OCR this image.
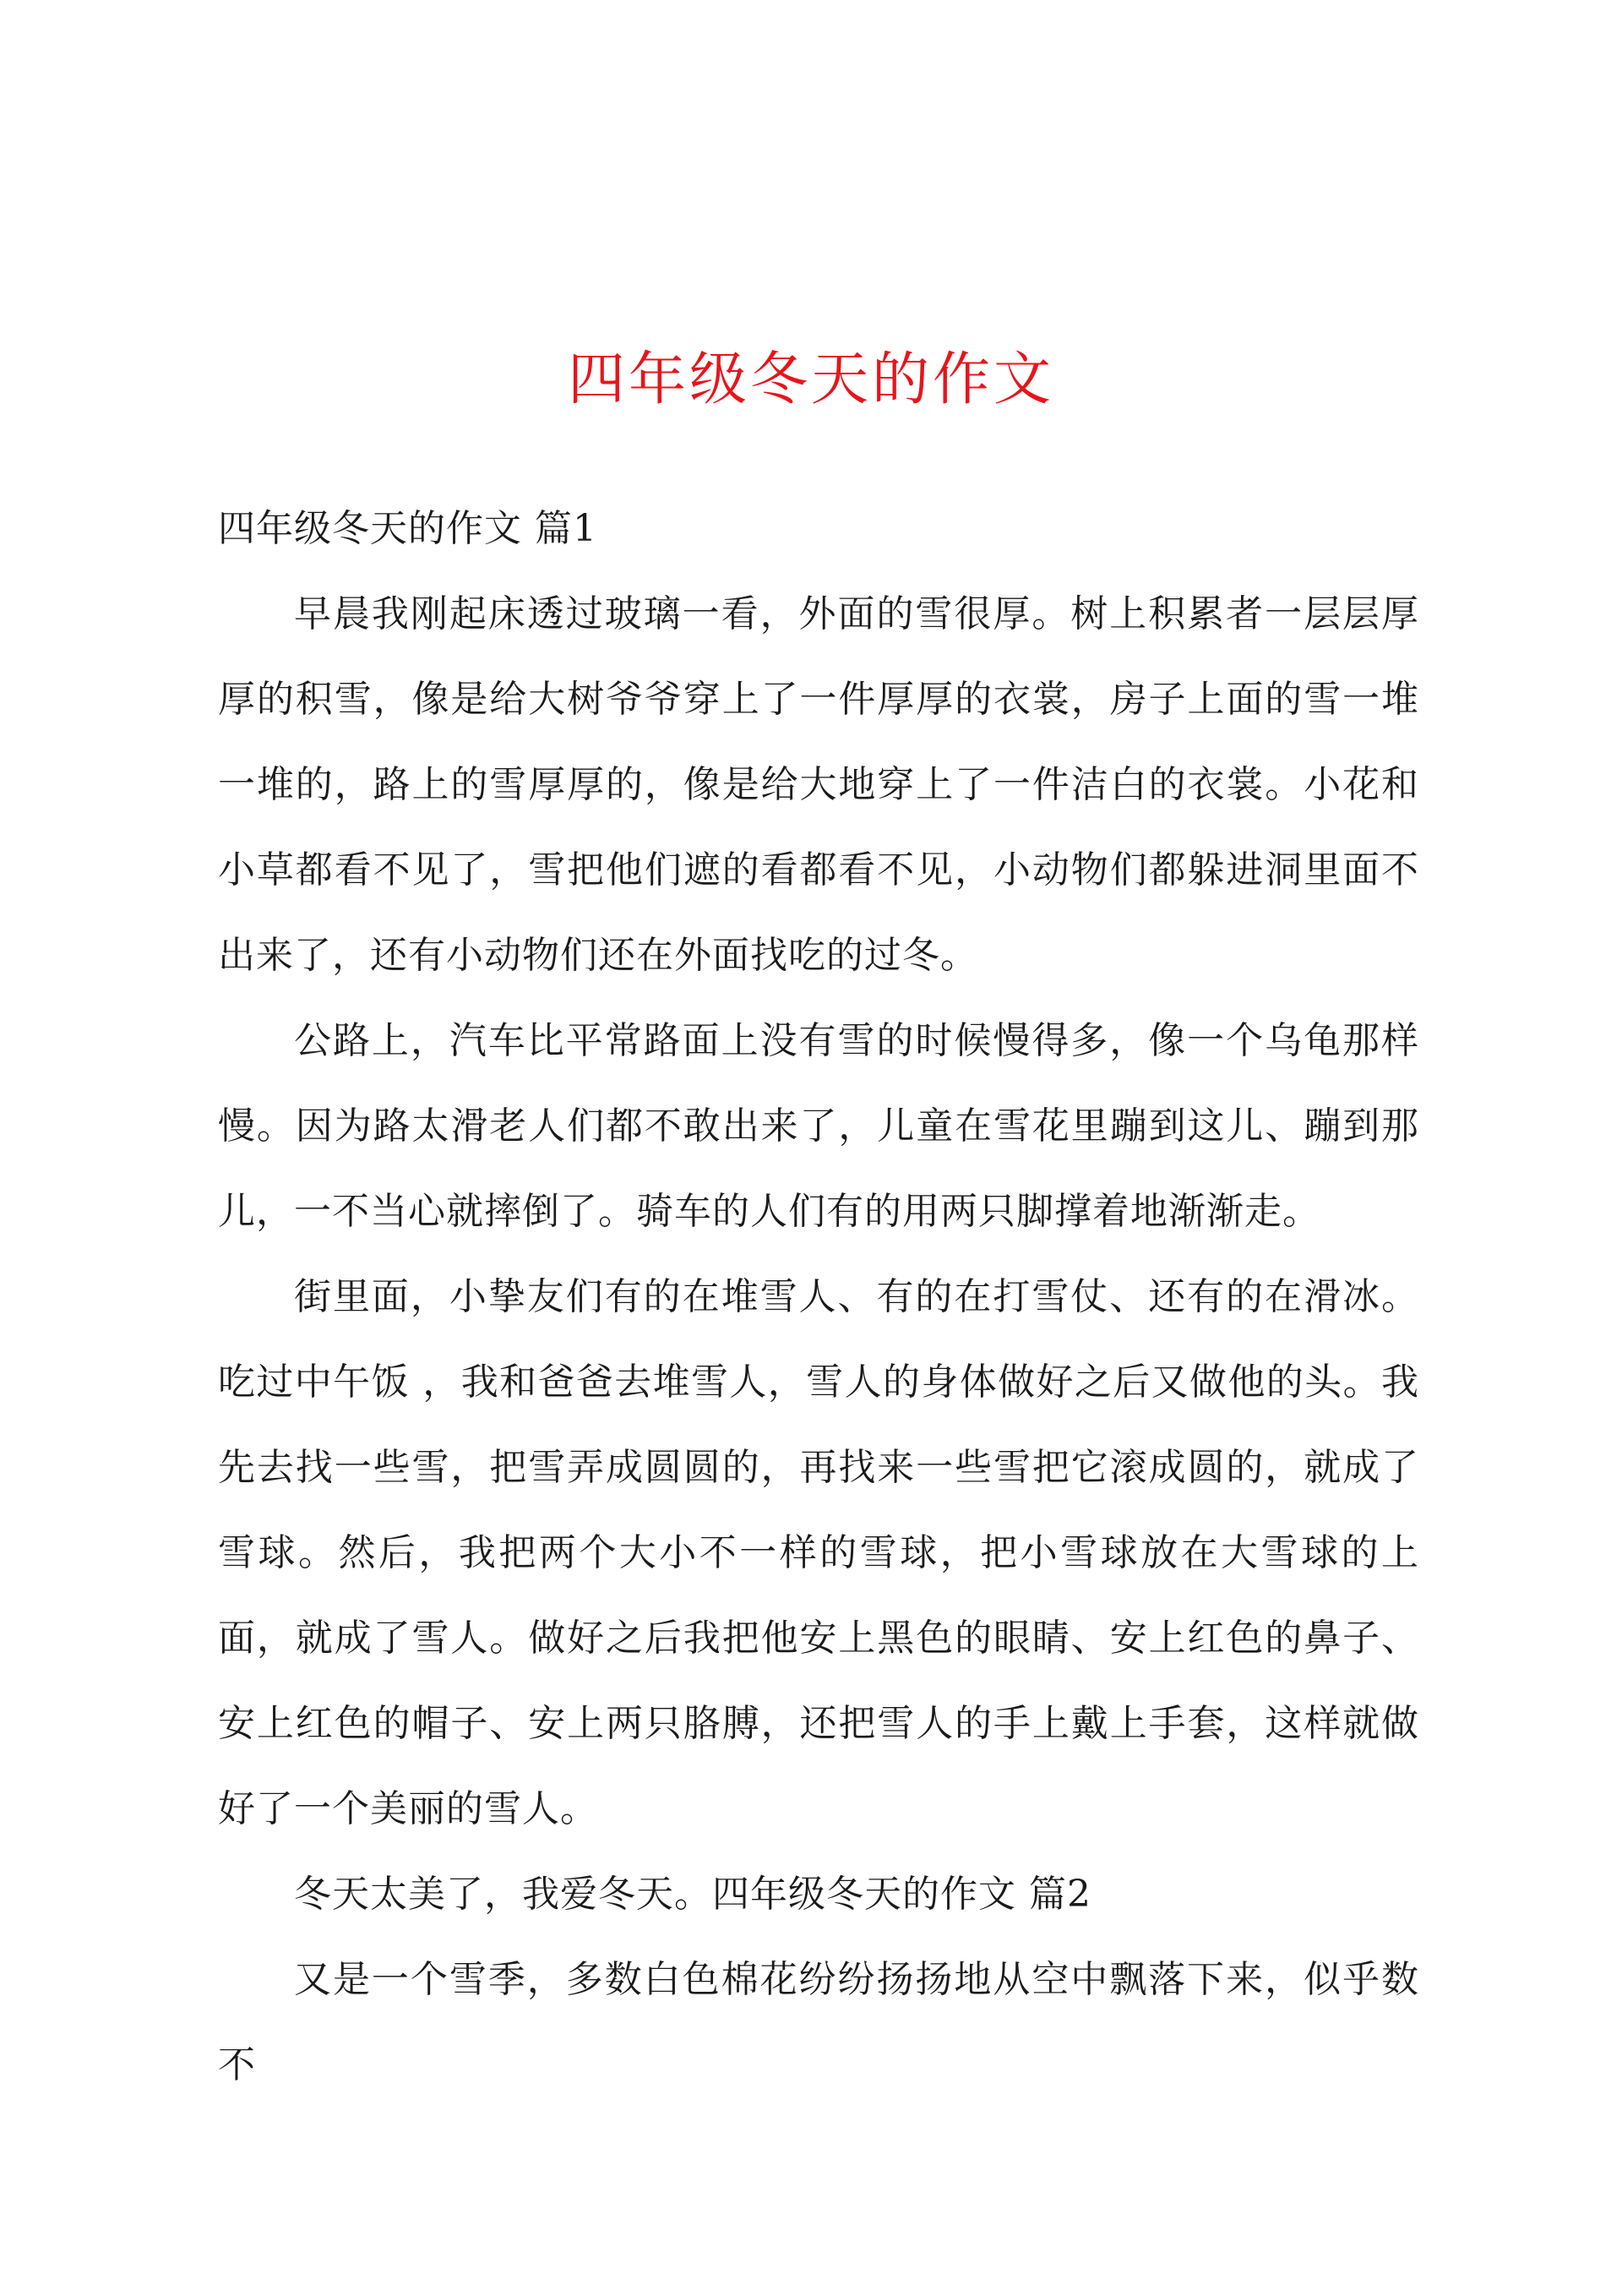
四年级冬天的作文

四年级冬天的作文 篇1

早晨我刚起床透过玻璃一看，外面的雪很厚。树上积累者一层层厚厚的积雪，像是给大树爷爷穿上了一件厚厚的衣裳，房子上面的雪一堆一堆的，路上的雪厚厚的，像是给大地穿上了一件洁白的衣裳。小花和小草都看不见了，雪把他们遮的看都看不见，小动物们都躲进洞里面不出来了，还有小动物们还在外面找吃的过冬。

公路上，汽车比平常路面上没有雪的时候慢得多，像一个乌龟那样慢。因为路太滑老人们都不敢出来了，儿童在雪花里蹦到这儿、蹦到那儿，一不当心就摔倒了。骑车的人们有的用两只脚撑着地渐渐走。

街里面，小挚友们有的在堆雪人、有的在打雪仗、还有的在滑冰。吃过中午饭 ，我和爸爸去堆雪人，雪人的身体做好之后又做他的头。我先去找一些雪，把雪弄成圆圆的，再找来一些雪把它滚成圆的，就成了雪球。然后，我把两个大小不一样的雪球，把小雪球放在大雪球的上面，就成了雪人。做好之后我把他安上黑色的眼睛、安上红色的鼻子、安上红色的帽子、安上两只胳膊，还把雪人的手上戴上手套，这样就做好了一个美丽的雪人。

冬天太美了，我爱冬天。四年级冬天的作文 篇2

又是一个雪季，多数白色棉花纷纷扬扬地从空中飘落下来，似乎数不
